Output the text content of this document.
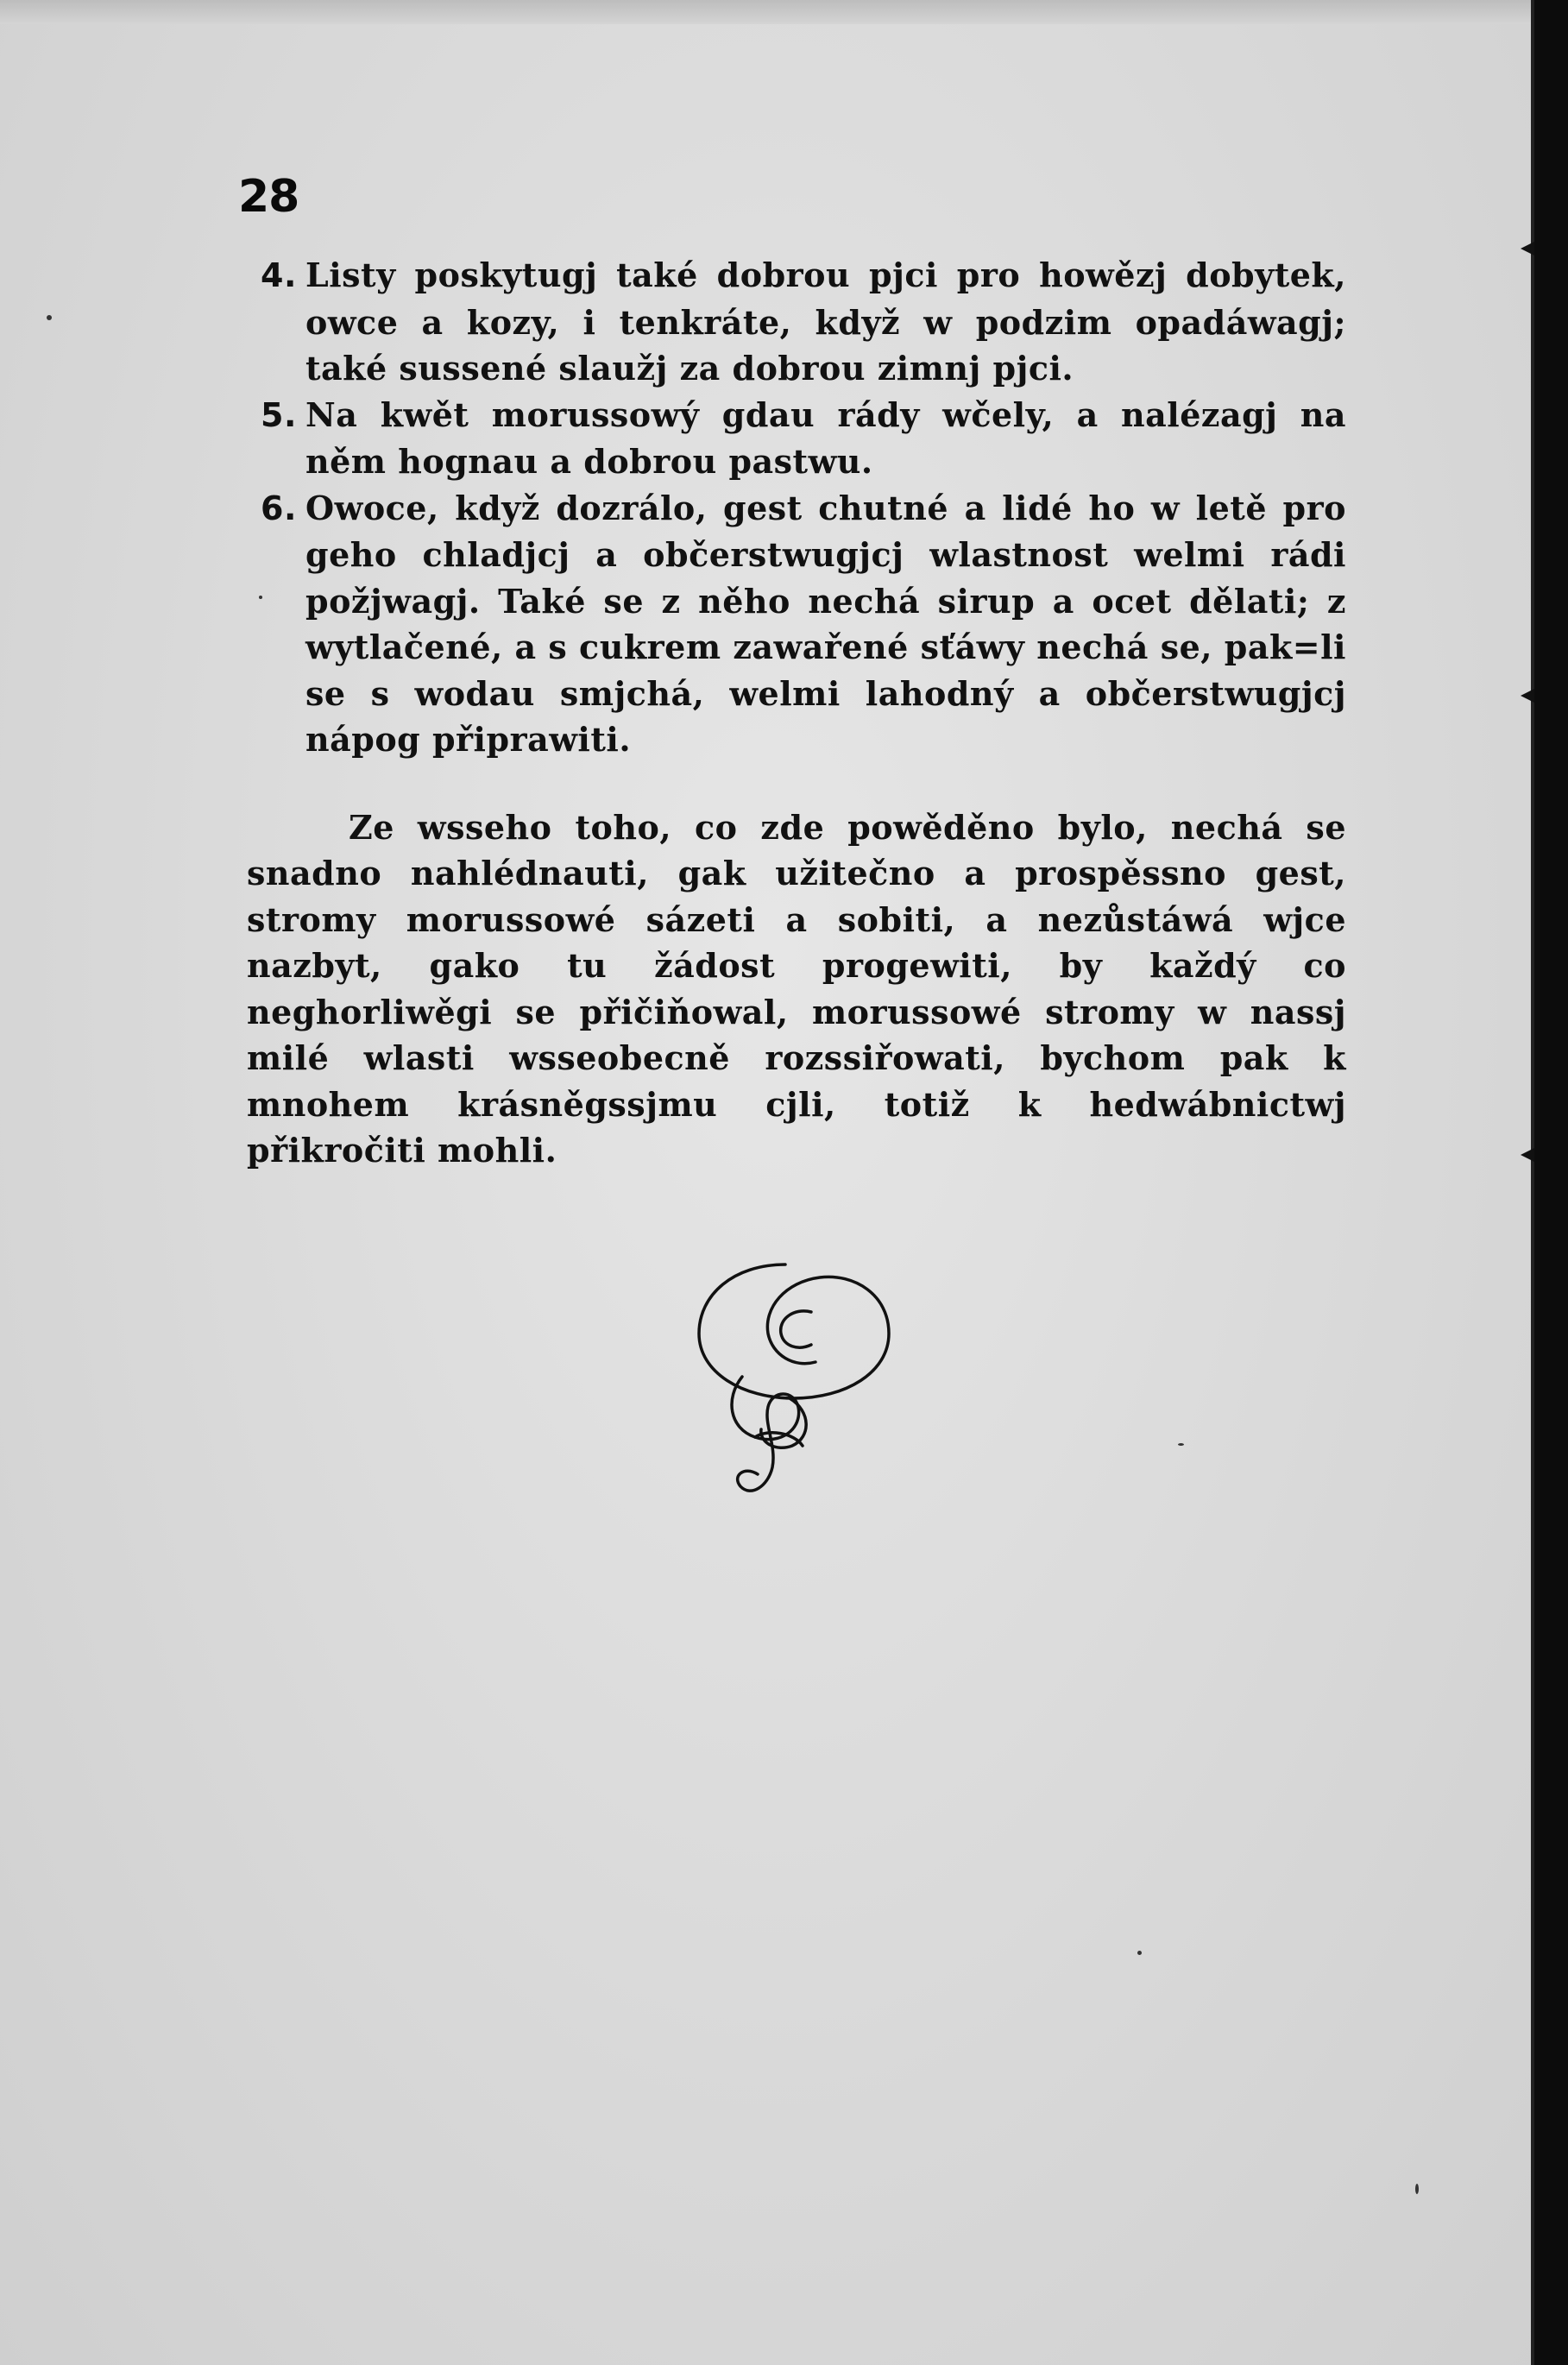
28

4. Listy poskytugj také dobrou pjci pro howězj dobytek, owce a kozy, i tenkráte, když w podzim opadáwagj; také sussené slaužj za dobrou zimnj pjci.

5. Na kwět morussowý gdau rády wčely, a nalézagj na něm hognau a dobrou pastwu.

6. Owoce, když dozrálo, gest chutné a lidé ho w letě pro geho chladjcj a občerstwugjcj wlastnost welmi rádi požjwagj. Také se z něho nechá sirup a ocet dělati; z wytlačené, a s cukrem zawařené sťáwy nechá se, pak=li se s wodau smjchá, welmi lahodný a občerstwugjcj nápog připrawiti.

Ze wsseho toho, co zde powěděno bylo, nechá se snadno nahlédnauti, gak užitečno a prospěssno gest, stromy morussowé sázeti a sobiti, a nezůstáwá wjce nazbyt, gako tu žádost progewiti, by každý co neghorliwěgi se přičiňowal, morussowé stromy w nassj milé wlasti wsseobecně rozssiřowati, bychom pak k mnohem krásněgssjmu cjli, totiž k hedwábnictwj přikročiti mohli.
